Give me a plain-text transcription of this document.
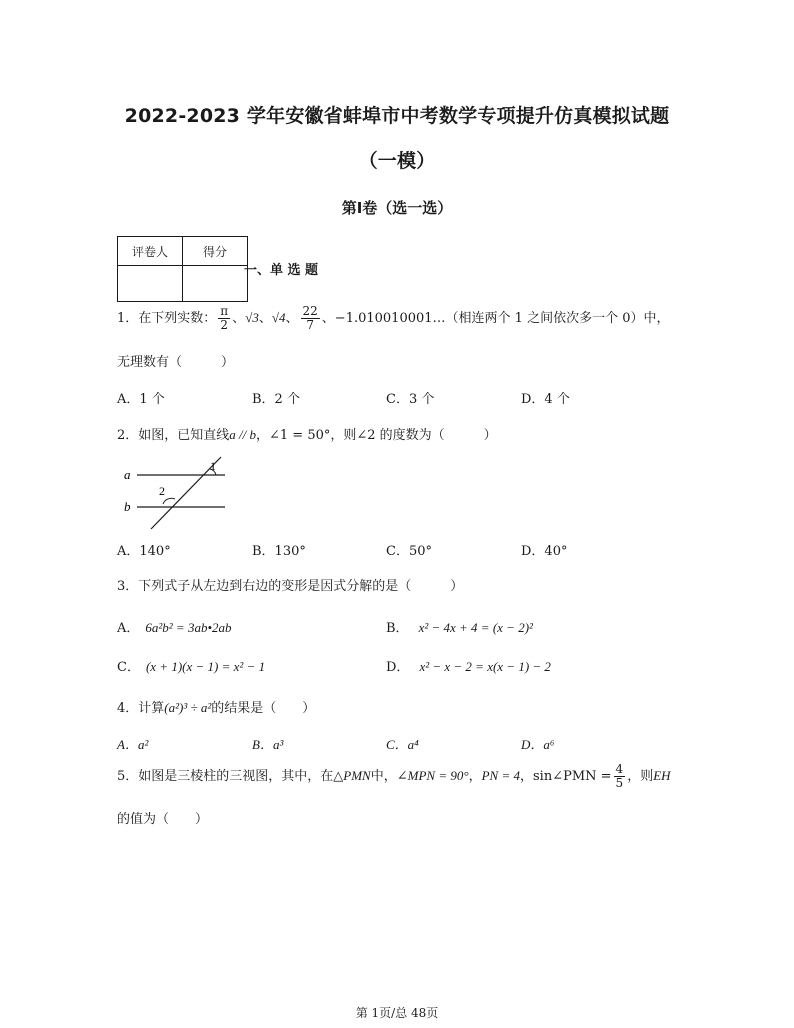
2022-2023 学年安徽省蚌埠市中考数学专项提升仿真模拟试题
（一模）
第Ⅰ卷（选一选）
评卷人	得分

一、单 选 题
1．在下列实数： $\frac{\pi}{2}$ 、√3、√4、 $\frac{22}{7}$ 、−1.010010001…（相连两个 1 之间依次多一个 0）中，
无理数有（　　　）
A．1 个	B．2 个	C．3 个	D．4 个
2．如图，已知直线a // b，∠1 = 50°，则∠2 的度数为（　　　）
a
b
1
2
A．140°	B．130°	C．50°	D．40°
3．下列式子从左边到右边的变形是因式分解的是（　　　）
A． 6a²b² = 3ab•2ab	B． x² − 4x + 4 = (x − 2)²
C． (x + 1)(x − 1) = x² − 1	D． x² − x − 2 = x(x − 1) − 2
4．计算(a²)³ ÷ a²的结果是（　　）
A．a²	B．a³	C．a⁴	D．a⁶
5．如图是三棱柱的三视图，其中，在△PMN中，∠MPN = 90°，PN = 4，sin∠PMN = $\frac{4}{5}$ ，则EH
的值为（　　）
第 1页/总 48页
